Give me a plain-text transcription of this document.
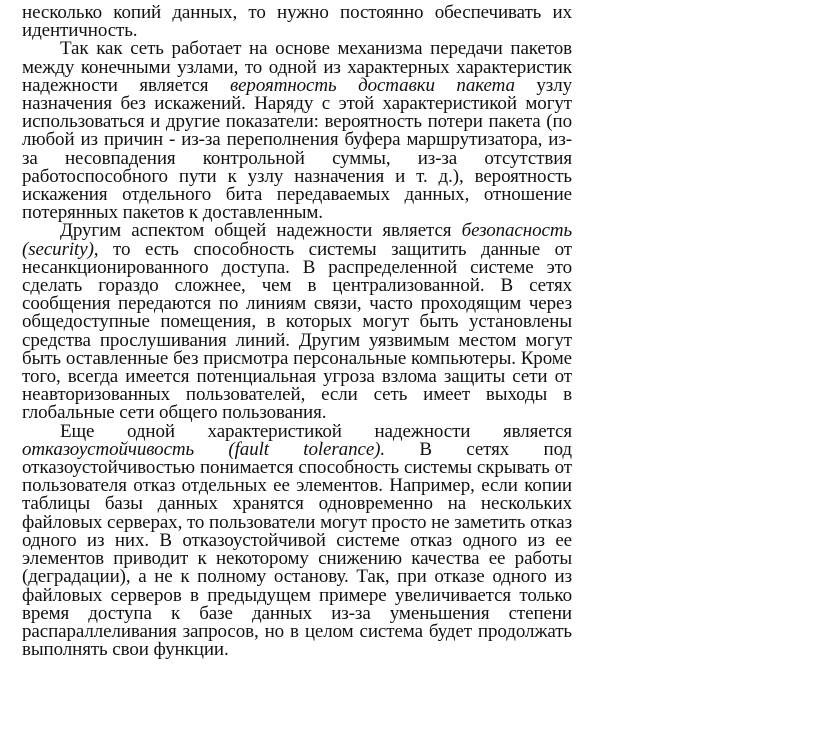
несколько копий данных, то нужно постоянно обеспечивать их идентичность.

Так как сеть работает на основе механизма передачи пакетов между конечными узлами, то одной из характерных характеристик надежности является вероятность доставки пакета узлу назначения без искажений. Наряду с этой характеристикой могут использоваться и другие показатели: вероятность потери пакета (по любой из причин - из-за переполнения буфера маршрутизатора, из- за несовпадения контрольной суммы, из-за отсутствия работоспособного пути к узлу назначения и т. д.), вероятность искажения отдельного бита передаваемых данных, отношение потерянных пакетов к доставленным.

Другим аспектом общей надежности является безопасность (security), то есть способность системы защитить данные от несанкционированного доступа. В распределенной системе это сделать гораздо сложнее, чем в централизованной. В сетях сообщения передаются по линиям связи, часто проходящим через общедоступные помещения, в которых могут быть установлены средства прослушивания линий. Другим уязвимым местом могут быть оставленные без присмотра персональные компьютеры. Кроме того, всегда имеется потенциальная угроза взлома защиты сети от неавторизованных пользователей, если сеть имеет выходы в глобальные сети общего пользования.

Еще одной характеристикой надежности является отказоустойчивость (fault tolerance). В сетях под отказоустойчивостью понимается способность системы скрывать от пользователя отказ отдельных ее элементов. Например, если копии таблицы базы данных хранятся одновременно на нескольких файловых серверах, то пользователи могут просто не заметить отказ одного из них. В отказоустойчивой системе отказ одного из ее элементов приводит к некоторому снижению качества ее работы (деградации), а не к полному останову. Так, при отказе одного из файловых серверов в предыдущем примере увеличивается только время доступа к базе данных из-за уменьшения степени распараллеливания запросов, но в целом система будет продолжать выполнять свои функции.
